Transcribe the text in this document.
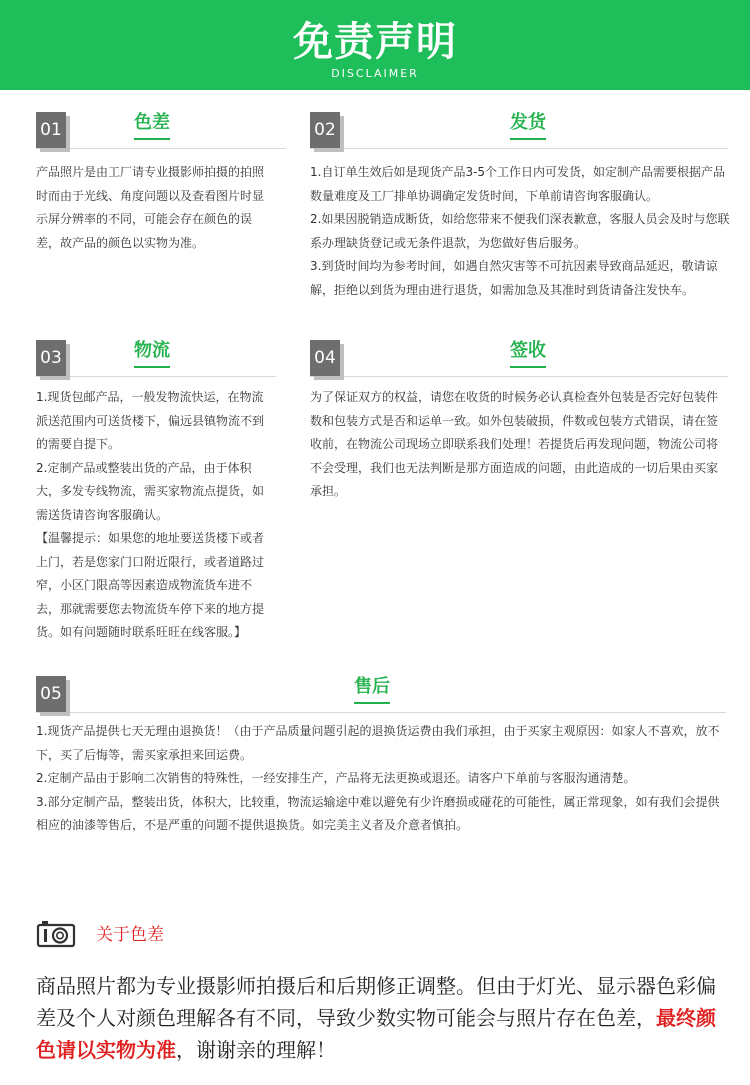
免责声明
DISCLAIMER
01	色差

产品照片是由工厂请专业摄影师拍摄的拍照时而由于光线、角度问题以及查看图片时显示屏分辨率的不同，可能会存在颜色的误差，故产品的颜色以实物为准。

02	发货

1.自订单生效后如是现货产品3-5个工作日内可发货，如定制产品需要根据产品数量难度及工厂排单协调确定发货时间，下单前请咨询客服确认。

2.如果因脱销造成断货，如给您带来不便我们深表歉意，客服人员会及时与您联系办理缺货登记或无条件退款，为您做好售后服务。

3.到货时间均为参考时间，如遇自然灾害等不可抗因素导致商品延迟，敬请谅解，拒绝以到货为理由进行退货，如需加急及其准时到货请备注发快车。

03	物流

1.现货包邮产品，一般发物流快运，在物流派送范围内可送货楼下，偏远县镇物流不到的需要自提下。

2.定制产品或整装出货的产品，由于体积大，多发专线物流，需买家物流点提货，如需送货请咨询客服确认。

【温馨提示：如果您的地址要送货楼下或者上门，若是您家门口附近限行，或者道路过窄，小区门限高等因素造成物流货车进不去，那就需要您去物流货车停下来的地方提货。如有问题随时联系旺旺在线客服。】

04	签收

为了保证双方的权益，请您在收货的时候务必认真检查外包装是否完好包装件数和包装方式是否和运单一致。如外包装破损，件数或包装方式错误，请在签收前，在物流公司现场立即联系我们处理！若提货后再发现问题，物流公司将不会受理，我们也无法判断是那方面造成的问题，由此造成的一切后果由买家承担。

05	售后

1.现货产品提供七天无理由退换货！（由于产品质量问题引起的退换货运费由我们承担，由于买家主观原因：如家人不喜欢，放不下，买了后悔等，需买家承担来回运费。

2.定制产品由于影响二次销售的特殊性，一经安排生产，产品将无法更换或退还。请客户下单前与客服沟通清楚。

3.部分定制产品，整装出货，体积大，比较重，物流运输途中难以避免有少许磨损或碰花的可能性，属正常现象，如有我们会提供相应的油漆等售后，不是严重的问题不提供退换货。如完美主义者及介意者慎拍。

关于色差
商品照片都为专业摄影师拍摄后和后期修正调整。但由于灯光、显示器色彩偏差及个人对颜色理解各有不同，导致少数实物可能会与照片存在色差，最终颜色请以实物为准，谢谢亲的理解！
